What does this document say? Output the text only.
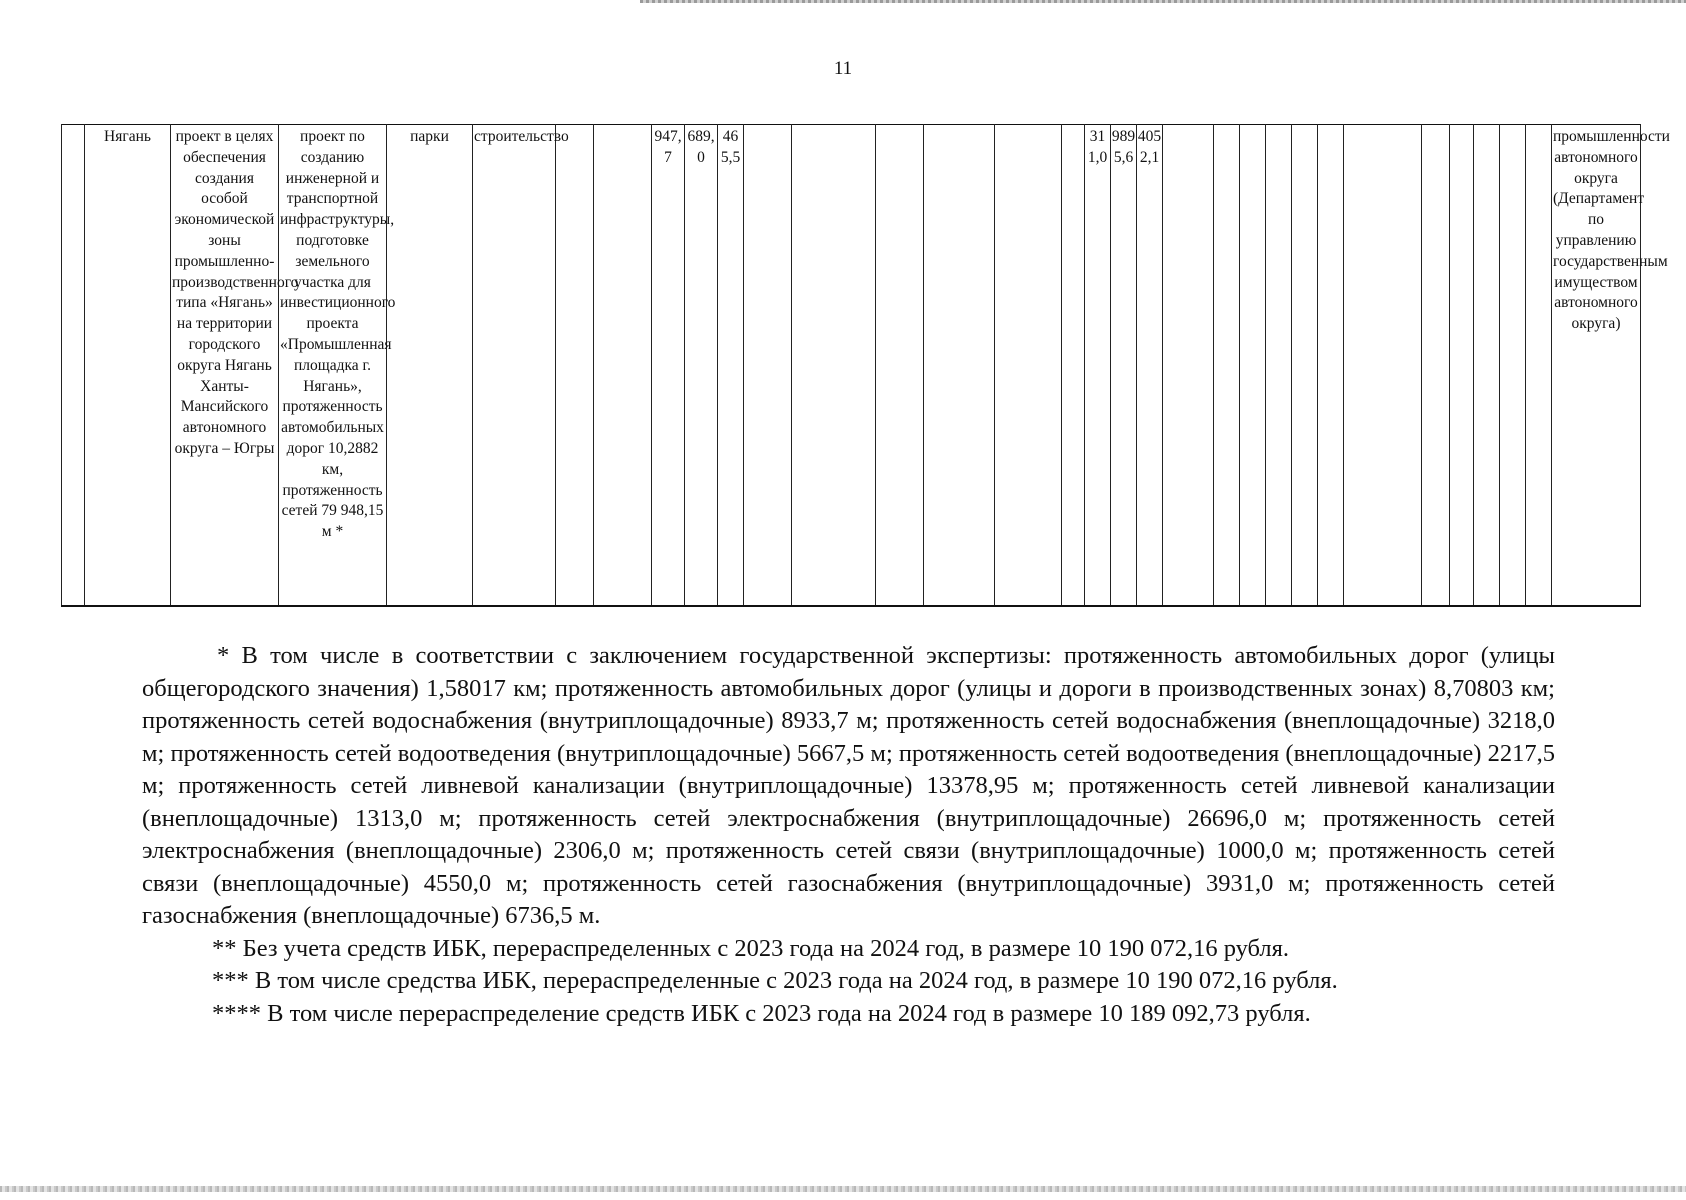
11
	Нягань	проект в целях обеспечения создания особой экономической зоны промышленно-производственного типа «Нягань» на территории городского округа Нягань Ханты-Мансийского автономного округа – Югры	проект по созданию инженерной и транспортной инфраструктуры, подготовке земельного участка для инвестиционного проекта «Промышленная площадка г. Нягань», протяженность автомобильных дорог 10,2882 км, протяженность сетей 79 948,15 м *	парки	строительство			947,7	689,0	465,5							311,0	9895,6	4052,1													промышленности автономного округа (Департамент по управлению государственным имуществом автономного округа)

* В том числе в соответствии с заключением государственной экспертизы: протяженность автомобильных дорог (улицы общегородского значения) 1,58017 км; протяженность автомобильных дорог (улицы и дороги в производственных зонах) 8,70803 км; протяженность сетей водоснабжения (внутриплощадочные) 8933,7 м; протяженность сетей водоснабжения (внеплощадочные) 3218,0 м; протяженность сетей водоотведения (внутриплощадочные) 5667,5 м; протяженность сетей водоотведения (внеплощадочные) 2217,5 м; протяженность сетей ливневой канализации (внутриплощадочные) 13378,95 м; протяженность сетей ливневой канализации (внеплощадочные) 1313,0 м; протяженность сетей электроснабжения (внутриплощадочные) 26696,0 м; протяженность сетей электроснабжения (внеплощадочные) 2306,0 м; протяженность сетей связи (внутриплощадочные) 1000,0 м; протяженность сетей связи (внеплощадочные) 4550,0 м; протяженность сетей газоснабжения (внутриплощадочные) 3931,0 м; протяженность сетей газоснабжения (внеплощадочные) 6736,5 м.

** Без учета средств ИБК, перераспределенных с 2023 года на 2024 год, в размере 10 190 072,16 рубля.

*** В том числе средства ИБК, перераспределенные с 2023 года на 2024 год, в размере 10 190 072,16 рубля.

**** В том числе перераспределение средств ИБК с 2023 года на 2024 год в размере 10 189 092,73 рубля.
